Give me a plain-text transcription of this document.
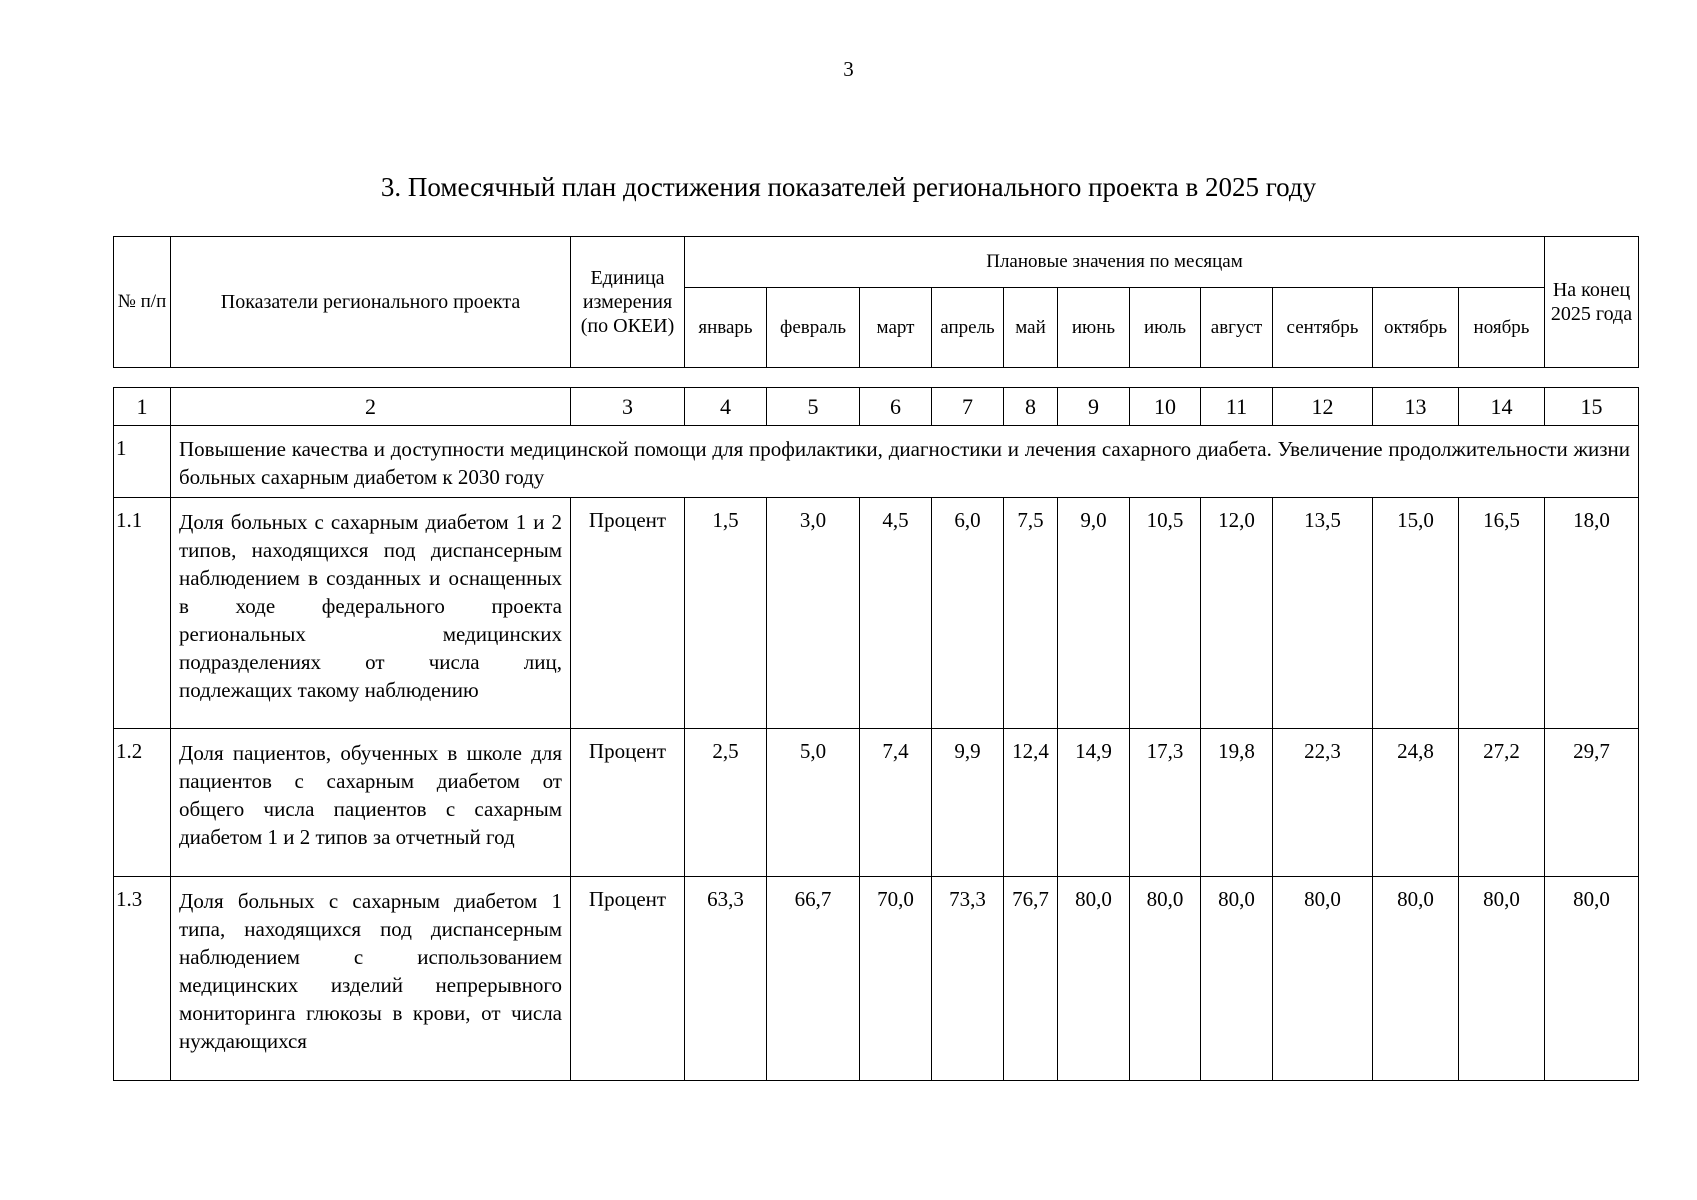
3
3. Помесячный план достижения показателей регионального проекта в 2025 году
№ п/п	Показатели регионального проекта	Единица измерения (по ОКЕИ)	Плановые значения по месяцам											На конец 2025 года
			январь	февраль	март	апрель	май	июнь	июль	август	сентябрь	октябрь	ноябрь	
1	2	3	4	5	6	7	8	9	10	11	12	13	14	15
1	Повышение качества и доступности медицинской помощи для профилактики, диагностики и лечения сахарного диабета. Увеличение продолжительности жизни больных сахарным диабетом к 2030 году													
1.1	Доля больных с сахарным диабетом 1 и 2 типов, находящихся под диспансерным наблюдением в созданных и оснащенных в ходе федерального проекта региональных медицинских подразделениях от числа лиц, подлежащих такому наблюдению	Процент	1,5	3,0	4,5	6,0	7,5	9,0	10,5	12,0	13,5	15,0	16,5	18,0
1.2	Доля пациентов, обученных в школе для пациентов с сахарным диабетом от общего числа пациентов с сахарным диабетом 1 и 2 типов за отчетный год	Процент	2,5	5,0	7,4	9,9	12,4	14,9	17,3	19,8	22,3	24,8	27,2	29,7
1.3	Доля больных с сахарным диабетом 1 типа, находящихся под диспансерным наблюдением с использованием медицинских изделий непрерывного мониторинга глюкозы в крови, от числа нуждающихся	Процент	63,3	66,7	70,0	73,3	76,7	80,0	80,0	80,0	80,0	80,0	80,0	80,0
